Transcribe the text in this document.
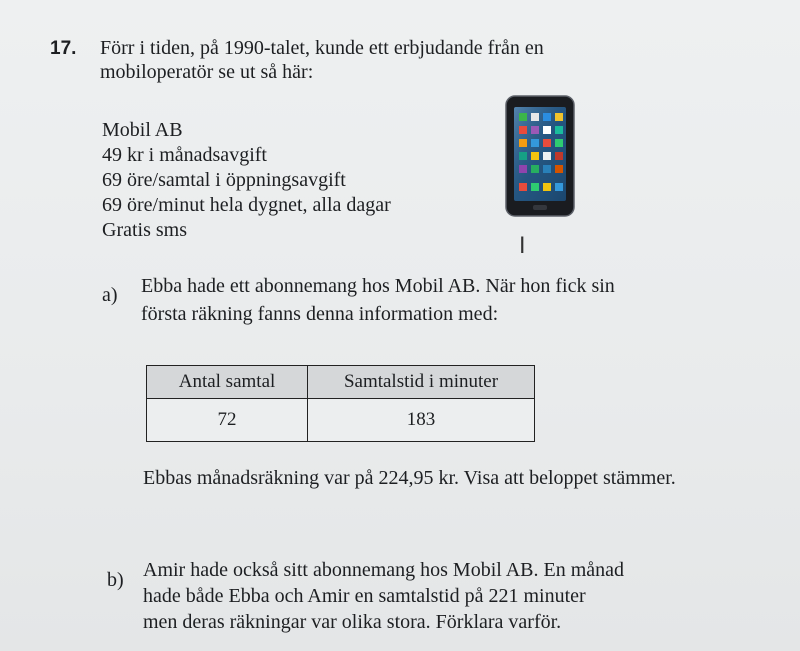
17. Förr i tiden, på 1990-talet, kunde ett erbjudande från en
mobiloperatör se ut så här:
Mobil AB
49 kr i månadsavgift
69 öre/samtal i öppningsavgift
69 öre/minut hela dygnet, alla dagar
Gratis sms
I
a) Ebba hade ett abonnemang hos Mobil AB. När hon fick sin
första räkning fanns denna information med:
Antal samtal	Samtalstid i minuter
72	183
Ebbas månadsräkning var på 224,95 kr. Visa att beloppet stämmer.
b) Amir hade också sitt abonnemang hos Mobil AB. En månad
hade både Ebba och Amir en samtalstid på 221 minuter
men deras räkningar var olika stora. Förklara varför.
